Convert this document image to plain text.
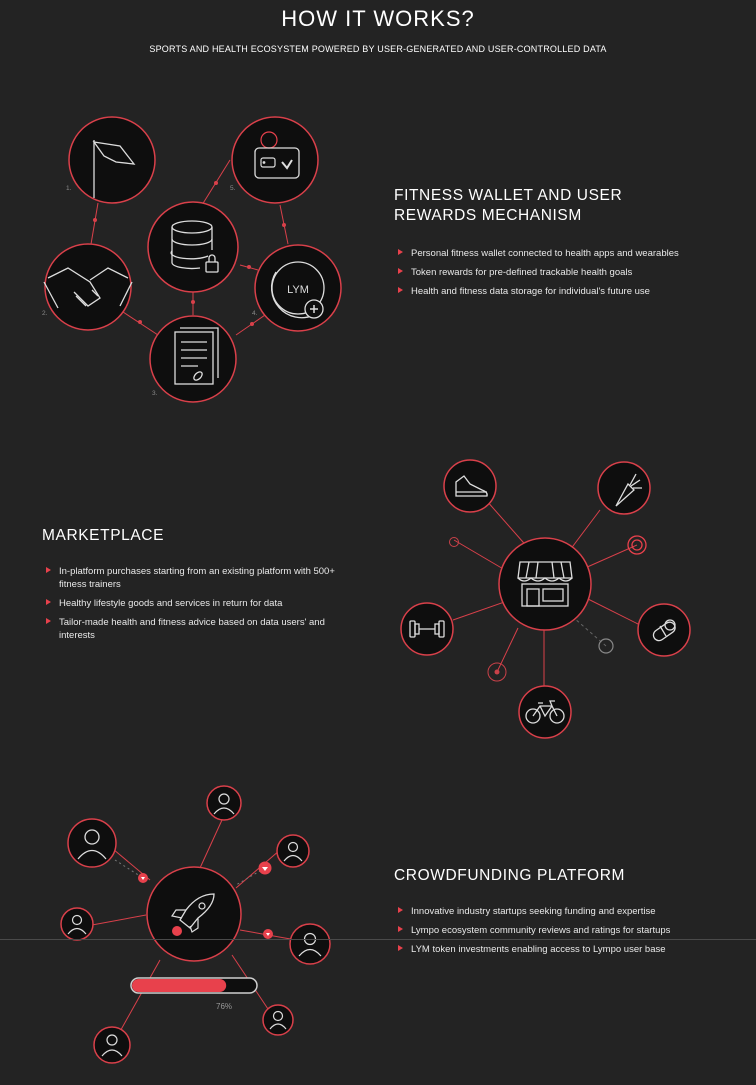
HOW IT WORKS?
SPORTS AND HEALTH ECOSYSTEM POWERED BY USER-GENERATED AND USER-CONTROLLED DATA
LYM
1.
2.
3.
4.
5.	FITNESS WALLET AND USER
REWARDS MECHANISM
Personal fitness wallet connected to health apps and wearables
Token rewards for pre-defined trackable health goals
Health and fitness data storage for individual's future use
MARKETPLACE
In-platform purchases starting from an existing platform with 500+ fitness trainers
Healthy lifestyle goods and services in return for data
Tailor-made health and fitness advice based on data users' and interests
76%
CROWDFUNDING PLATFORM
Innovative industry startups seeking funding and expertise
Lympo ecosystem community reviews and ratings for startups
LYM token investments enabling access to Lympo user base
